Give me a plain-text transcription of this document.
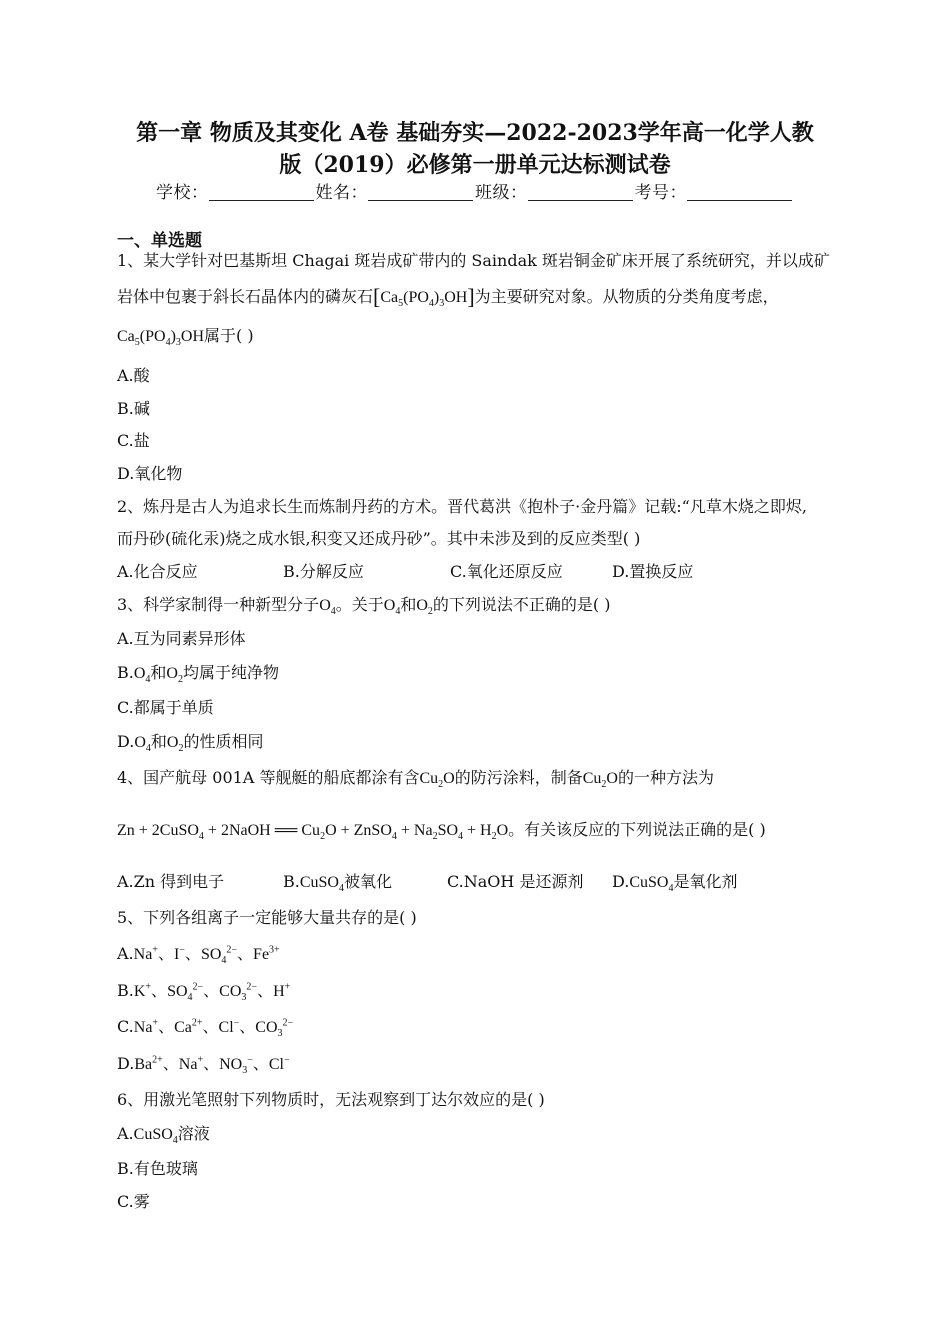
第一章 物质及其变化 A卷 基础夯实—2022-2023学年高一化学人教
版（2019）必修第一册单元达标测试卷
学校：	姓名：	班级：	考号：
一、单选题
1、某大学针对巴基斯坦 Chagai 斑岩成矿带内的 Saindak 斑岩铜金矿床开展了系统研究，并以成矿
岩体中包裹于斜长石晶体内的磷灰石$[Ca_5(PO_4)_3OH]$为主要研究对象。从物质的分类角度考虑，
$Ca_5(PO_4)_3OH$属于( )
A.酸
B.碱
C.盐
D.氧化物
2、炼丹是古人为追求长生而炼制丹药的方术。晋代葛洪《抱朴子·金丹篇》记载:“凡草木烧之即烬,
而丹砂(硫化汞)烧之成水银,积变又还成丹砂”。其中未涉及到的反应类型( )
A.化合反应	B.分解反应	C.氧化还原反应	D.置换反应
3、科学家制得一种新型分子$O_4$。关于$O_4$和$O_2$的下列说法不正确的是( )
A.互为同素异形体
$B.O_4$和$O_2$均属于纯净物
C.都属于单质
$D.O_4$和$O_2$的性质相同
4、国产航母 001A 等舰艇的船底都涂有含$Cu_2O$的防污涂料，制备$Cu_2O$的一种方法为
Zn + 2CuSO$_4$ + 2NaOH ══ $Cu_2O$ + ZnSO$_4$ + $Na_2SO_4 + H_2O$。有关该反应的下列说法正确的是( )
A.Zn 得到电子	B.CuSO$_4$被氧化	C.NaOH 是还源剂 D.CuSO$_4$是氧化剂
5、下列各组离子一定能够大量共存的是( )
A.Na+、I−、$SO_4^{2-}$、$Fe^{3+}$
B.K+、$SO_4^{2-}$、$CO_3^{2-}$、H+
C.Na+、$Ca^{2+}$、Cl−、$CO_3^{2-}$
$D.Ba^{2+}$、Na+、$NO_3^-$、Cl−
6、用激光笔照射下列物质时，无法观察到丁达尔效应的是( )
A.CuSO$_4$溶液
B.有色玻璃
C.雾
